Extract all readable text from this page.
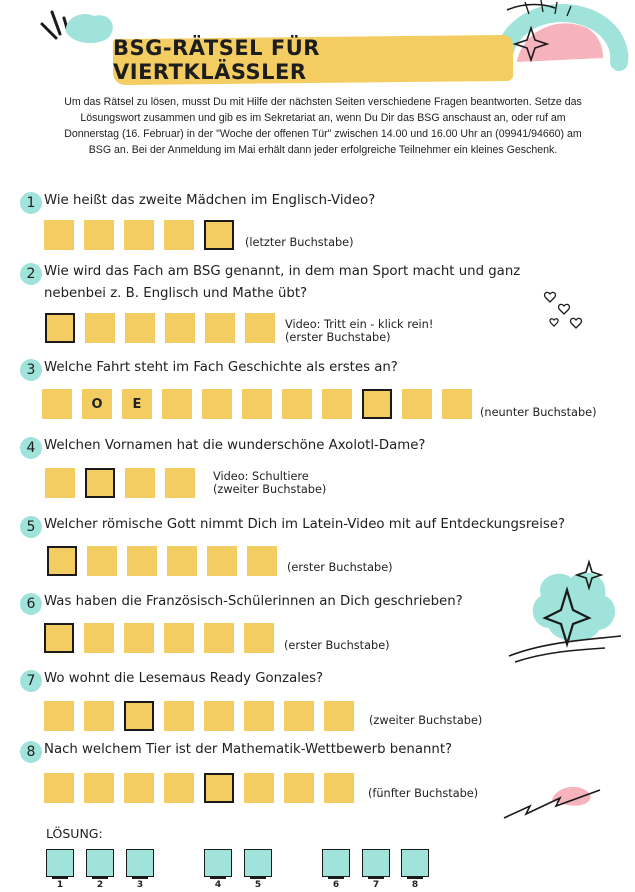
BSG-RÄTSEL FÜR VIERTKLÄSSLER
Um das Rätsel zu lösen, musst Du mit Hilfe der nächsten Seiten verschiedene Fragen beantworten. Setze das Lösungswort zusammen und gib es im Sekretariat an, wenn Du Dir das BSG anschaust an, oder ruf am Donnerstag (16. Februar) in der "Woche der offenen Tür" zwischen 14.00 und 16.00 Uhr an (09941/94660) am BSG an. Bei der Anmeldung im Mai erhält dann jeder erfolgreiche Teilnehmer ein kleines Geschenk.
1 Wie heißt das zweite Mädchen im Englisch-Video?
(letzter Buchstabe)
2 Wie wird das Fach am BSG genannt, in dem man Sport macht und ganz
nebenbei z. B. Englisch und Mathe übt?
Video: Tritt ein - klick rein!
(erster Buchstabe)
3 Welche Fahrt steht im Fach Geschichte als erstes an?
O	E
(neunter Buchstabe)
4 Welchen Vornamen hat die wunderschöne Axolotl-Dame?
Video: Schultiere
(zweiter Buchstabe)
5 Welcher römische Gott nimmt Dich im Latein-Video mit auf Entdeckungsreise?
(erster Buchstabe)
6 Was haben die Französisch-Schülerinnen an Dich geschrieben?
(erster Buchstabe)
7 Wo wohnt die Lesemaus Ready Gonzales?
(zweiter Buchstabe)
8 Nach welchem Tier ist der Mathematik-Wettbewerb benannt?
(fünfter Buchstabe)
LÖSUNG:
1	2	3	4	5	6	7	8
